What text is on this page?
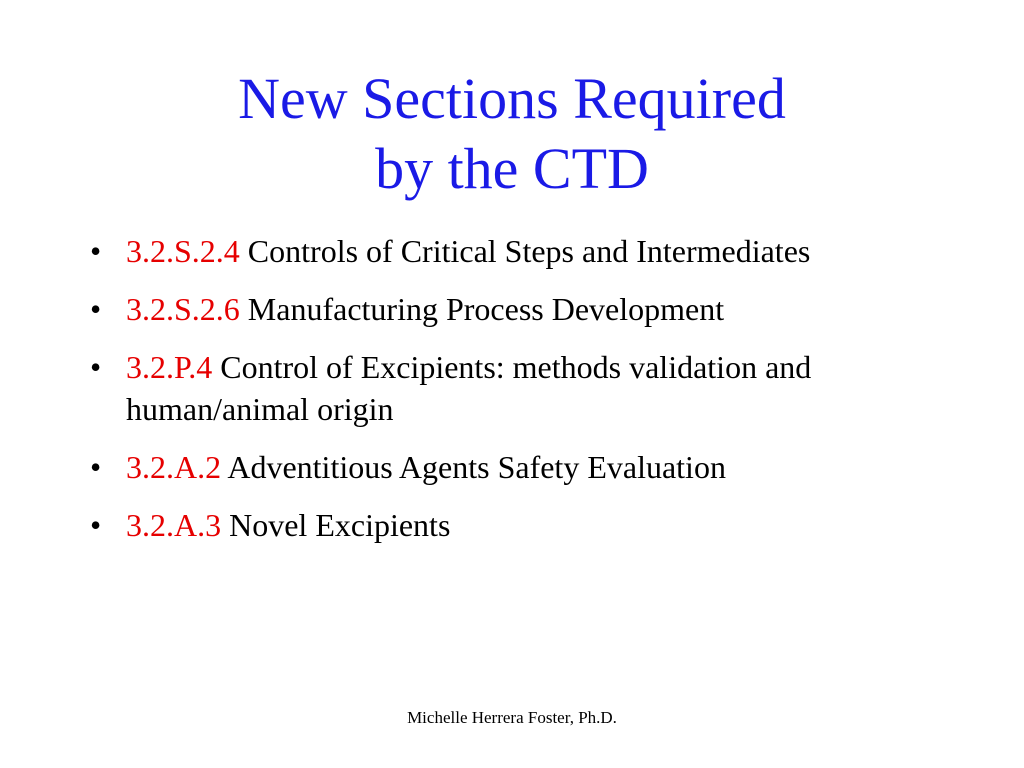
New Sections Required
by the CTD
• 3.2.S.2.4 Controls of Critical Steps and Intermediates
• 3.2.S.2.6 Manufacturing Process Development
• 3.2.P.4 Control of Excipients: methods validation and human/animal origin
• 3.2.A.2 Adventitious Agents Safety Evaluation
• 3.2.A.3 Novel Excipients
Michelle Herrera Foster, Ph.D.
